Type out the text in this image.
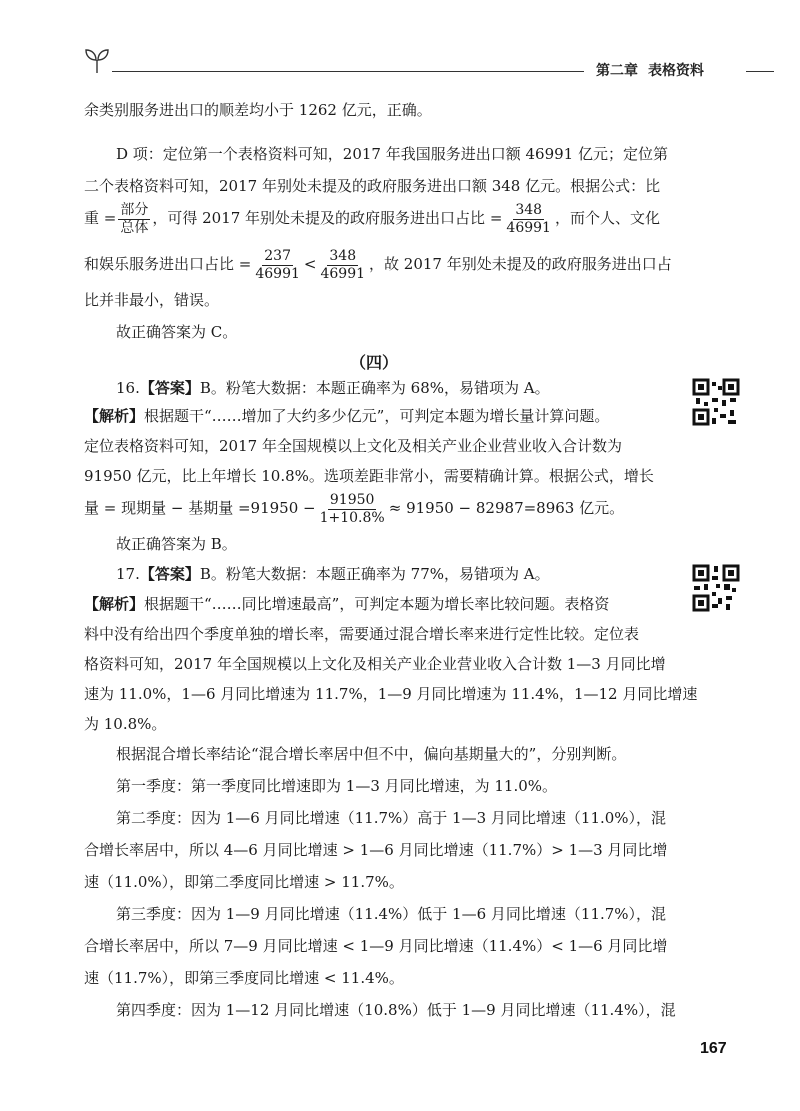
第二章 表格资料
余类别服务进出口的顺差均小于 1262 亿元，正确。
D 项：定位第一个表格资料可知，2017 年我国服务进出口额 46991 亿元；定位第
二个表格资料可知，2017 年别处未提及的政府服务进出口额 348 亿元。根据公式：比
重 = $\frac{\text{部分}}{\text{总体}}$ ，可得 2017 年别处未提及的政府服务进出口占比 = $\frac{348}{46991}$ ，而个人、文化
和娱乐服务进出口占比 = $\frac{237}{46991} < \frac{348}{46991}$ ，故 2017 年别处未提及的政府服务进出口占
比并非最小，错误。
故正确答案为 C。
（四）
16.【答案】B。粉笔大数据：本题正确率为 68%，易错项为 A。
【解析】根据题干“……增加了大约多少亿元”，可判定本题为增长量计算问题。
定位表格资料可知，2017 年全国规模以上文化及相关产业企业营业收入合计数为
91950 亿元，比上年增长 10.8%。选项差距非常小，需要精确计算。根据公式，增长
量 = 现期量 − 基期量 $=91950 - \frac{91950}{1+10.8\%} \approx 91950 - 82987=8963$ 亿元。
故正确答案为 B。
17.【答案】B。粉笔大数据：本题正确率为 77%，易错项为 A。
【解析】根据题干“……同比增速最高”，可判定本题为增长率比较问题。表格资
料中没有给出四个季度单独的增长率，需要通过混合增长率来进行定性比较。定位表
格资料可知，2017 年全国规模以上文化及相关产业企业营业收入合计数 1—3 月同比增
速为 11.0%，1—6 月同比增速为 11.7%，1—9 月同比增速为 11.4%，1—12 月同比增速
为 10.8%。
根据混合增长率结论“混合增长率居中但不中，偏向基期量大的”，分别判断。
第一季度：第一季度同比增速即为 1—3 月同比增速，为 11.0%。
第二季度：因为 1—6 月同比增速（11.7%）高于 1—3 月同比增速（11.0%），混
合增长率居中，所以 4—6 月同比增速 > 1—6 月同比增速（11.7%）> 1—3 月同比增
速（11.0%），即第二季度同比增速 > 11.7%。
第三季度：因为 1—9 月同比增速（11.4%）低于 1—6 月同比增速（11.7%），混
合增长率居中，所以 7—9 月同比增速 < 1—9 月同比增速（11.4%）< 1—6 月同比增
速（11.7%），即第三季度同比增速 < 11.4%。
第四季度：因为 1—12 月同比增速（10.8%）低于 1—9 月同比增速（11.4%），混
167
